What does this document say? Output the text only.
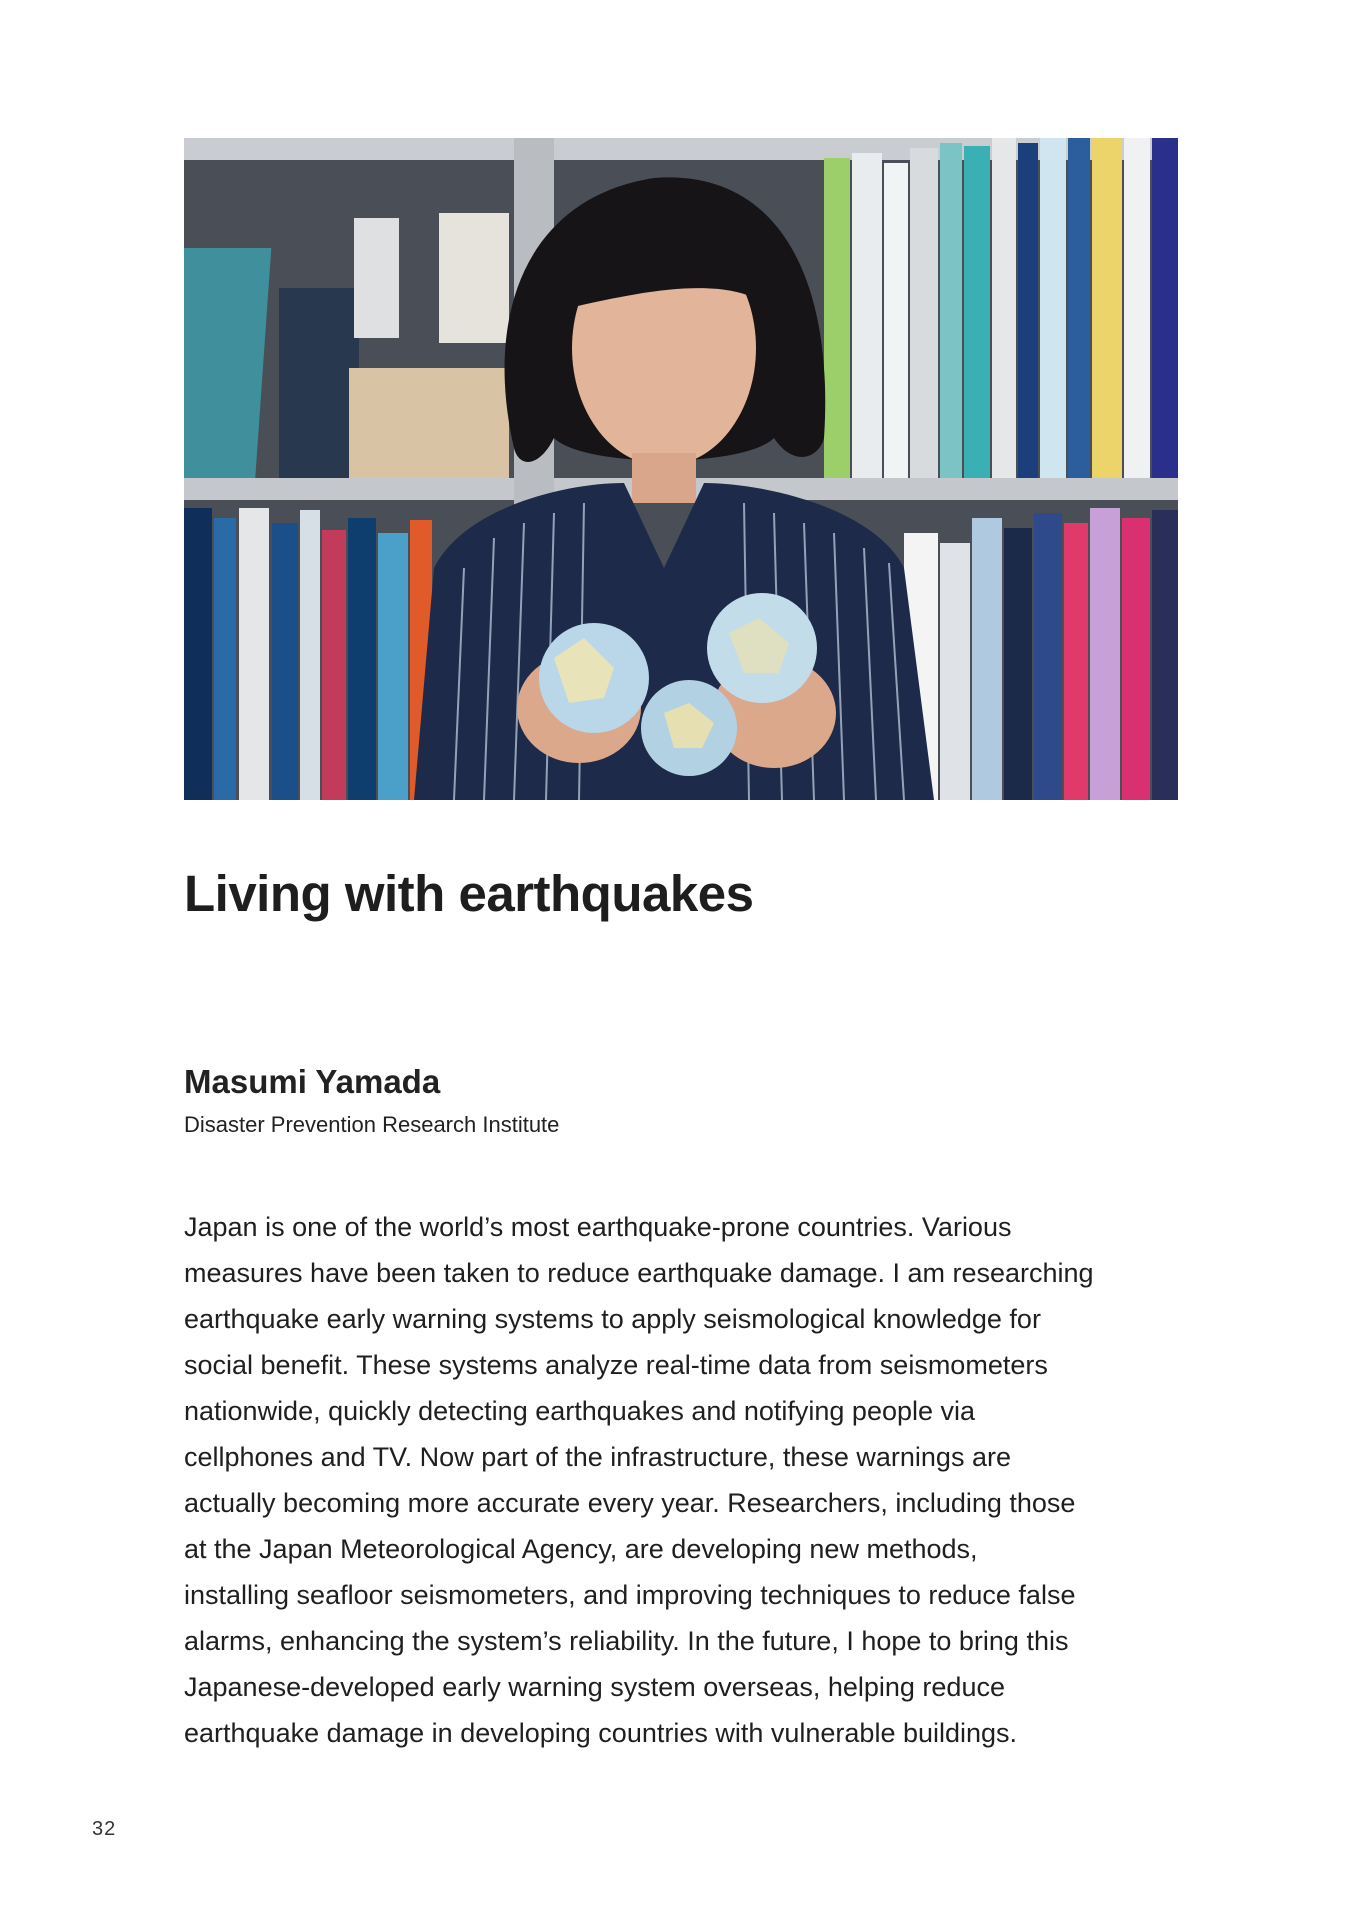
Living with earthquakes
Masumi Yamada

Disaster Prevention Research Institute

Japan is one of the world’s most earthquake-prone countries. Various
measures have been taken to reduce earthquake damage. I am researching
earthquake early warning systems to apply seismological knowledge for
social benefit. These systems analyze real-time data from seismometers
nationwide, quickly detecting earthquakes and notifying people via
cellphones and TV. Now part of the infrastructure, these warnings are
actually becoming more accurate every year. Researchers, including those
at the Japan Meteorological Agency, are developing new methods,
installing seafloor seismometers, and improving techniques to reduce false
alarms, enhancing the system’s reliability. In the future, I hope to bring this
Japanese-developed early warning system overseas, helping reduce
earthquake damage in developing countries with vulnerable buildings.

32
